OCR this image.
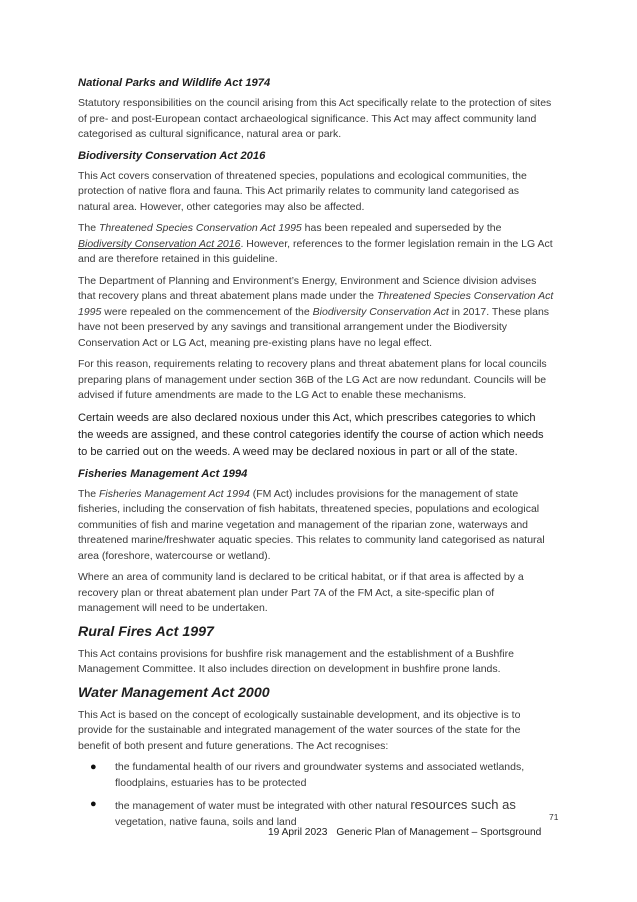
National Parks and Wildlife Act 1974

Statutory responsibilities on the council arising from this Act specifically relate to the protection of sites of pre- and post-European contact archaeological significance. This Act may affect community land categorised as cultural significance, natural area or park.

Biodiversity Conservation Act 2016

This Act covers conservation of threatened species, populations and ecological communities, the protection of native flora and fauna. This Act primarily relates to community land categorised as natural area. However, other categories may also be affected.

The Threatened Species Conservation Act 1995 has been repealed and superseded by the Biodiversity Conservation Act 2016. However, references to the former legislation remain in the LG Act and are therefore retained in this guideline.

The Department of Planning and Environment’s Energy, Environment and Science division advises that recovery plans and threat abatement plans made under the Threatened Species Conservation Act 1995 were repealed on the commencement of the Biodiversity Conservation Act in 2017. These plans have not been preserved by any savings and transitional arrangement under the Biodiversity Conservation Act or LG Act, meaning pre-existing plans have no legal effect.

For this reason, requirements relating to recovery plans and threat abatement plans for local councils preparing plans of management under section 36B of the LG Act are now redundant. Councils will be advised if future amendments are made to the LG Act to enable these mechanisms.

Certain weeds are also declared noxious under this Act, which prescribes categories to which the weeds are assigned, and these control categories identify the course of action which needs to be carried out on the weeds. A weed may be declared noxious in part or all of the state.

Fisheries Management Act 1994

The Fisheries Management Act 1994 (FM Act) includes provisions for the management of state fisheries, including the conservation of fish habitats, threatened species, populations and ecological communities of fish and marine vegetation and management of the riparian zone, waterways and threatened marine/freshwater aquatic species. This relates to community land categorised as natural area (foreshore, watercourse or wetland).

Where an area of community land is declared to be critical habitat, or if that area is affected by a recovery plan or threat abatement plan under Part 7A of the FM Act, a site-specific plan of management will need to be undertaken.

Rural Fires Act 1997

This Act contains provisions for bushfire risk management and the establishment of a Bushfire Management Committee. It also includes direction on development in bushfire prone lands.

Water Management Act 2000

This Act is based on the concept of ecologically sustainable development, and its objective is to provide for the sustainable and integrated management of the water sources of the state for the benefit of both present and future generations. The Act recognises:

● the fundamental health of our rivers and groundwater systems and associated wetlands, floodplains, estuaries has to be protected
● the management of water must be integrated with other natural resources such as vegetation, native fauna, soils and land	71
19 April 2023 Generic Plan of Management – Sportsground
